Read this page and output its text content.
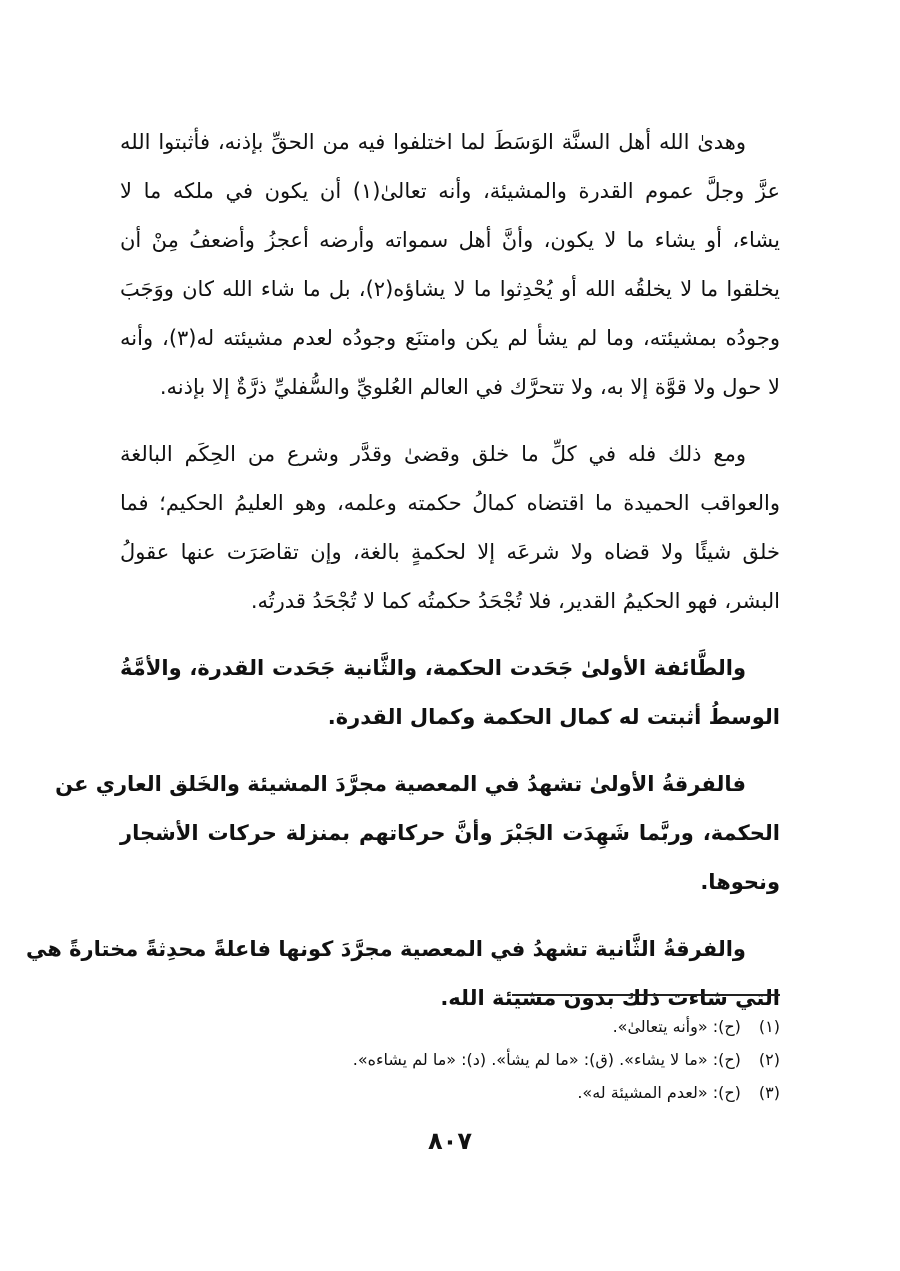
وهدىٰ الله أهل السنَّة الوَسَطَ لما اختلفوا فيه من الحقِّ بإذنه، فأثبتوا الله
عزَّ وجلَّ عموم القدرة والمشيئة، وأنه تعالىٰ(١) أن يكون في ملكه ما لا
يشاء، أو يشاء ما لا يكون، وأنَّ أهل سمواته وأرضه أعجزُ وأضعفُ مِنْ أن
يخلقوا ما لا يخلقُه الله أو يُحْدِثوا ما لا يشاؤه(٢)، بل ما شاء الله كان ووَجَبَ
وجودُه بمشيئته، وما لم يشأ لم يكن وامتنَع وجودُه لعدم مشيئته له(٣)، وأنه
لا حول ولا قوَّة إلا به، ولا تتحرَّك في العالم العُلويِّ والسُّفليِّ ذرَّةٌ إلا بإذنه.
ومع ذلك فله في كلِّ ما خلق وقضىٰ وقدَّر وشرع من الحِكَم البالغة
والعواقب الحميدة ما اقتضاه كمالُ حكمته وعلمه، وهو العليمُ الحكيم؛ فما
خلق شيئًا ولا قضاه ولا شرعَه إلا لحكمةٍ بالغة، وإن تقاصَرَت عنها عقولُ
البشر، فهو الحكيمُ القدير، فلا تُجْحَدُ حكمتُه كما لا تُجْحَدُ قدرتُه.
والطَّائفة الأولىٰ جَحَدت الحكمة، والثَّانية جَحَدت القدرة، والأمَّةُ
الوسطُ أثبتت له كمال الحكمة وكمال القدرة.
فالفرقةُ الأولىٰ تشهدُ في المعصية مجرَّدَ المشيئة والخَلق العاري عن
الحكمة، وربَّما شَهِدَت الجَبْرَ وأنَّ حركاتهم بمنزلة حركات الأشجار
ونحوها.
والفرقةُ الثَّانية تشهدُ في المعصية مجرَّدَ كونها فاعلةً محدِثةً مختارةً هي
التي شاءت ذلك بدون مشيئة الله.
(١) (ح): «وأنه يتعالىٰ».
(٢) (ح): «ما لا يشاء». (ق): «ما لم يشأ». (د): «ما لم يشاءه».
(٣) (ح): «لعدم المشيئة له».
٨٠٧
